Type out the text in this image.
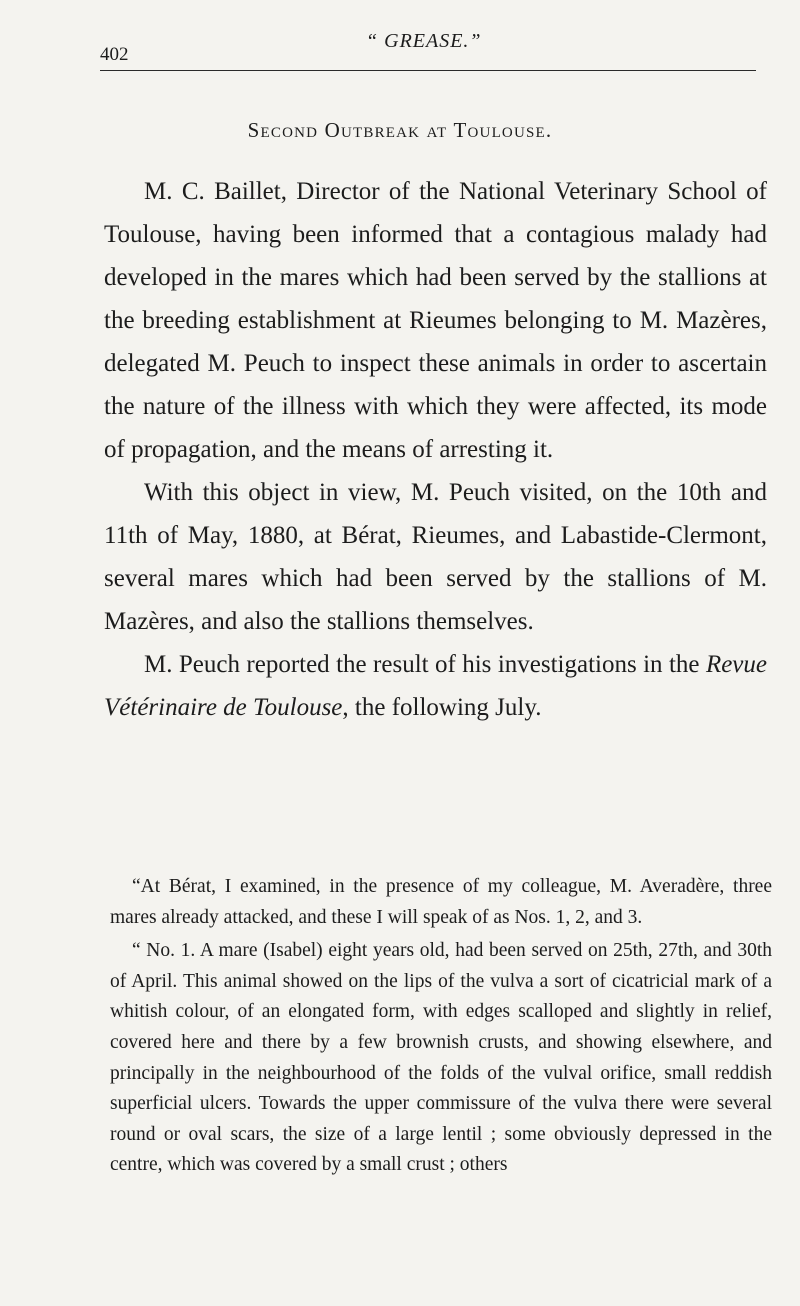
402
“ GREASE.”
Second Outbreak at Toulouse.

M. C. Baillet, Director of the National Veterinary School of Toulouse, having been informed that a contagious malady had developed in the mares which had been served by the stallions at the breeding establishment at Rieumes belonging to M. Mazères, delegated M. Peuch to inspect these animals in order to ascertain the nature of the illness with which they were affected, its mode of propagation, and the means of arresting it.

With this object in view, M. Peuch visited, on the 10th and 11th of May, 1880, at Bérat, Rieumes, and Labastide-Clermont, several mares which had been served by the stallions of M. Mazères, and also the stallions themselves.

M. Peuch reported the result of his investigations in the Revue Vétérinaire de Toulouse, the following July.

“At Bérat, I examined, in the presence of my colleague, M. Averadère, three mares already attacked, and these I will speak of as Nos. 1, 2, and 3.

“ No. 1. A mare (Isabel) eight years old, had been served on 25th, 27th, and 30th of April. This animal showed on the lips of the vulva a sort of cicatricial mark of a whitish colour, of an elongated form, with edges scalloped and slightly in relief, covered here and there by a few brownish crusts, and showing elsewhere, and principally in the neighbourhood of the folds of the vulval orifice, small reddish superficial ulcers. Towards the upper commissure of the vulva there were several round or oval scars, the size of a large lentil ; some obviously depressed in the centre, which was covered by a small crust ; others
